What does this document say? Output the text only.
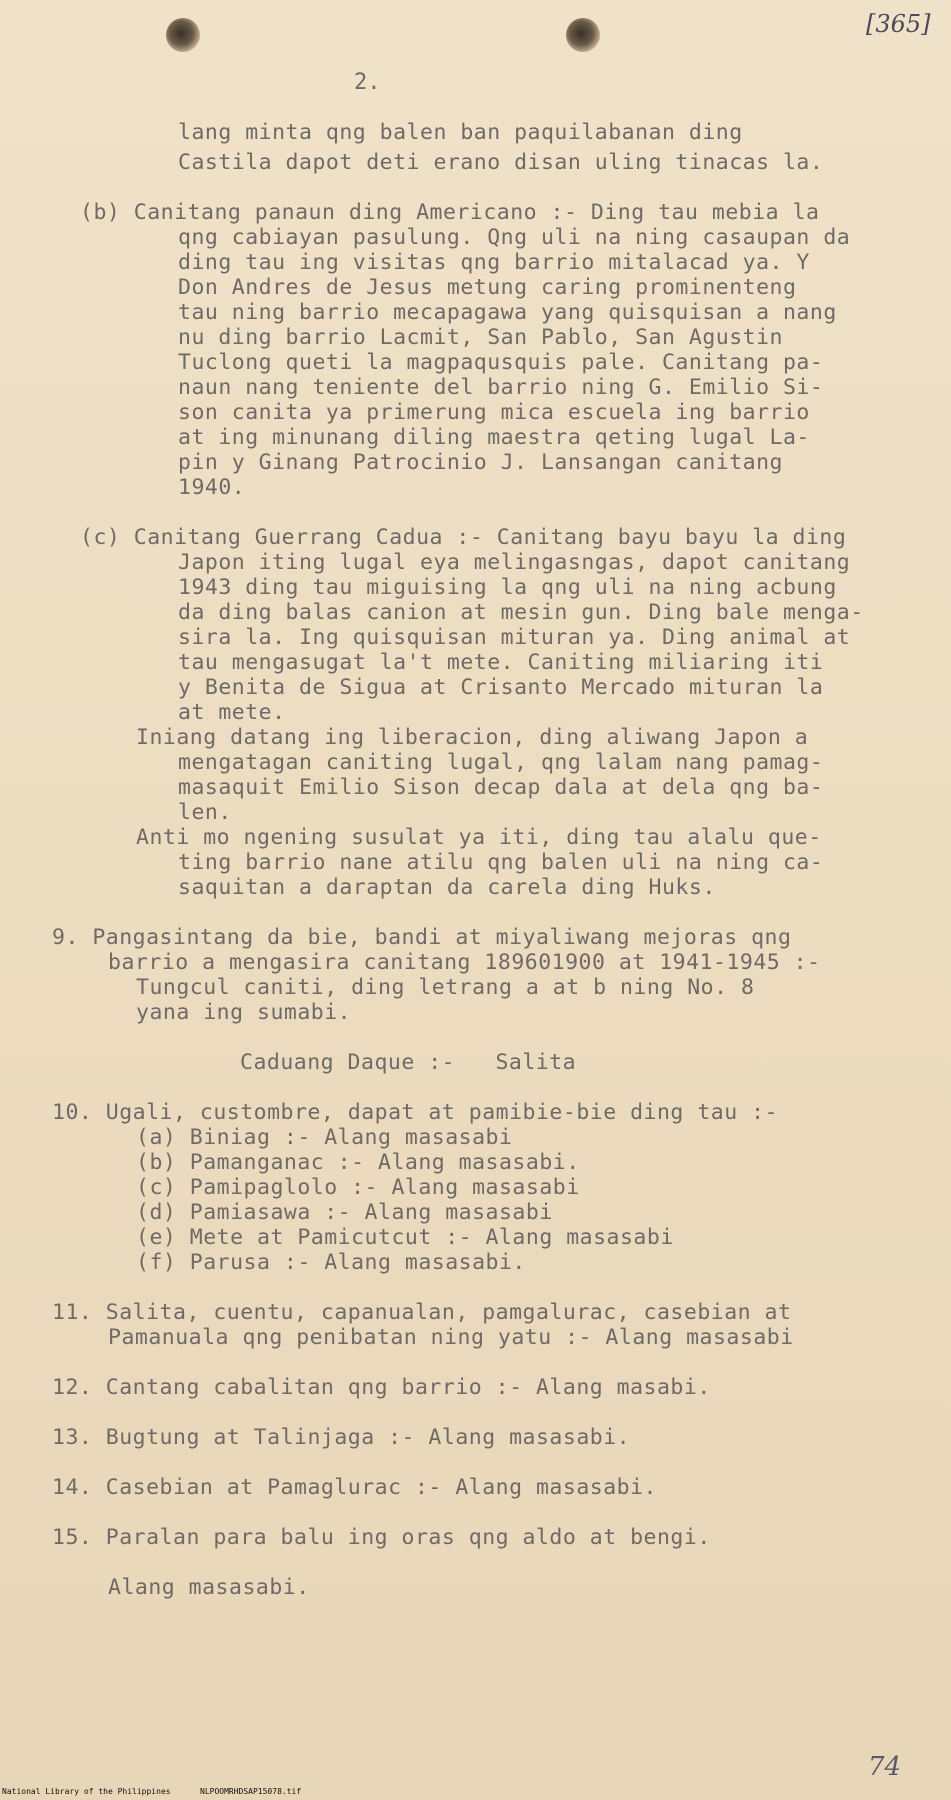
[365]
2.
lang minta qng balen ban paquilabanan ding
Castila dapot deti erano disan uling tinacas la.
(b) Canitang panaun ding Americano :- Ding tau mebia la
qng cabiayan pasulung. Qng uli na ning casaupan da
ding tau ing visitas qng barrio mitalacad ya. Y
Don Andres de Jesus metung caring prominenteng
tau ning barrio mecapagawa yang quisquisan a nang
nu ding barrio Lacmit, San Pablo, San Agustin
Tuclong queti la magpaqusquis pale. Canitang pa-
naun nang teniente del barrio ning G. Emilio Si-
son canita ya primerung mica escuela ing barrio
at ing minunang diling maestra qeting lugal La-
pin y Ginang Patrocinio J. Lansangan canitang
1940.
(c) Canitang Guerrang Cadua :- Canitang bayu bayu la ding
Japon iting lugal eya melingasngas, dapot canitang
1943 ding tau miguising la qng uli na ning acbung
da ding balas canion at mesin gun. Ding bale menga-
sira la. Ing quisquisan mituran ya. Ding animal at
tau mengasugat la't mete. Caniting miliaring iti
y Benita de Sigua at Crisanto Mercado mituran la
at mete.
Iniang datang ing liberacion, ding aliwang Japon a
mengatagan caniting lugal, qng lalam nang pamag-
masaquit Emilio Sison decap dala at dela qng ba-
len.
Anti mo ngening susulat ya iti, ding tau alalu que-
ting barrio nane atilu qng balen uli na ning ca-
saquitan a daraptan da carela ding Huks.
9. Pangasintang da bie, bandi at miyaliwang mejoras qng
barrio a mengasira canitang 189601900 at 1941-1945 :-
Tungcul caniti, ding letrang a at b ning No. 8
yana ing sumabi.
Caduang Daque :-   Salita
10. Ugali, custombre, dapat at pamibie-bie ding tau :-
(a) Biniag :- Alang masasabi
(b) Pamanganac :- Alang masasabi.
(c) Pamipaglolo :- Alang masasabi
(d) Pamiasawa :- Alang masasabi
(e) Mete at Pamicutcut :- Alang masasabi
(f) Parusa :- Alang masasabi.
11. Salita, cuentu, capanualan, pamgalurac, casebian at
Pamanuala qng penibatan ning yatu :- Alang masasabi
12. Cantang cabalitan qng barrio :- Alang masabi.
13. Bugtung at Talinjaga :- Alang masasabi.
14. Casebian at Pamaglurac :- Alang masasabi.
15. Paralan para balu ing oras qng aldo at bengi.
Alang masasabi.
74
National Library of the Philippines	NLPOOMRHDSAP15078.tif
